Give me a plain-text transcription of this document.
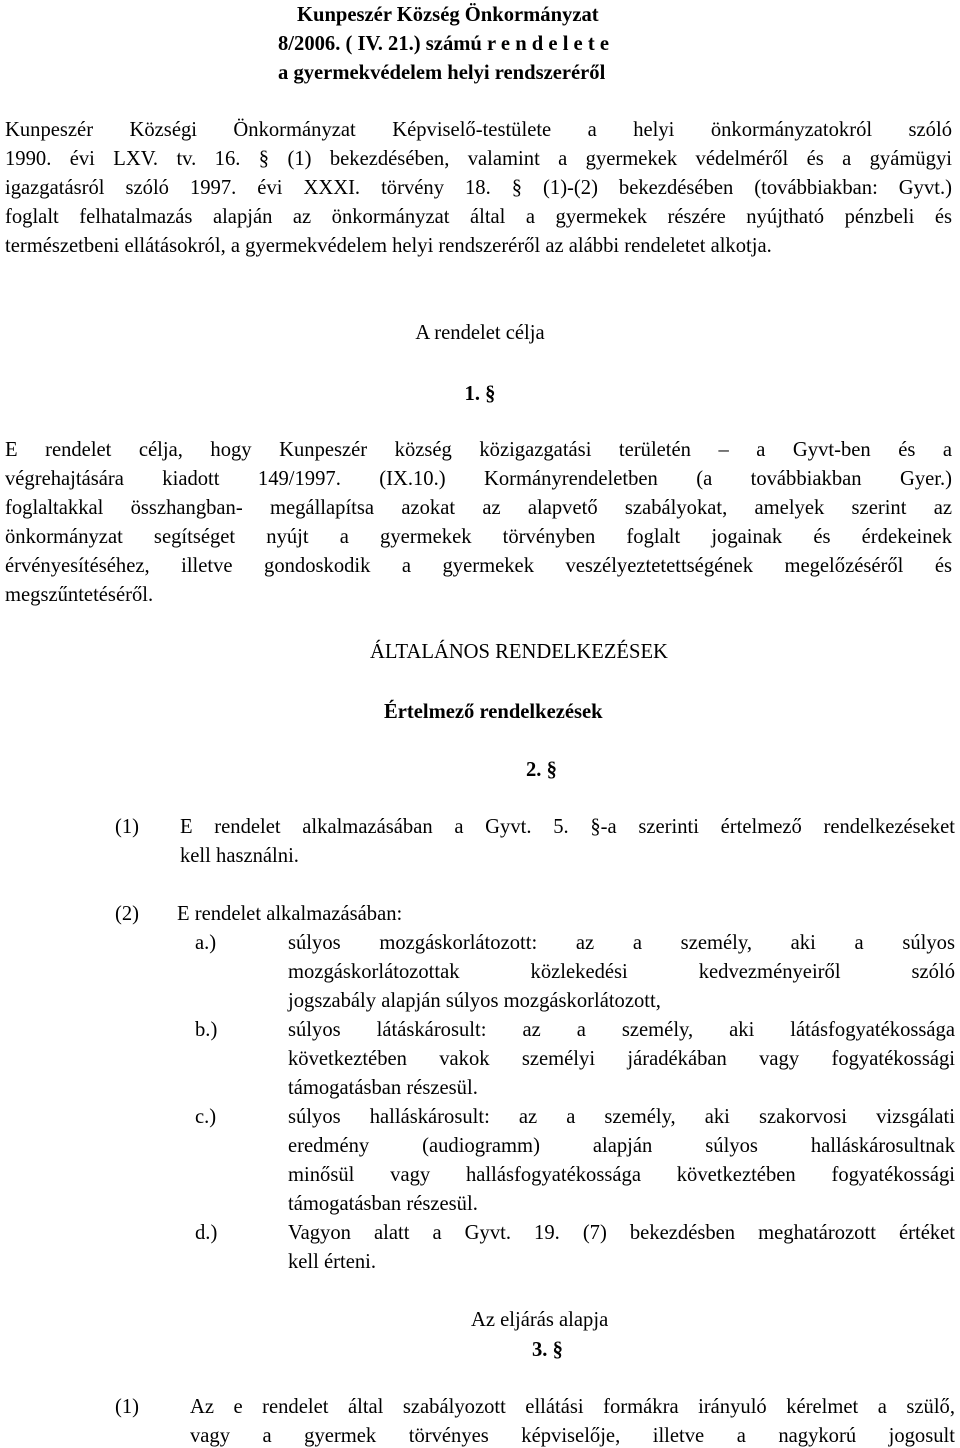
Kunpeszér Község Önkormányzat
8/2006. ( IV. 21.) számú r e n d e l e t e
a gyermekvédelem helyi rendszeréről
Kunpeszér Községi Önkormányzat Képviselő-testülete a helyi önkormányzatokról szóló
1990. évi LXV. tv. 16. § (1) bekezdésében, valamint a gyermekek védelméről és a gyámügyi
igazgatásról szóló 1997. évi XXXI. törvény 18. § (1)-(2) bekezdésében (továbbiakban: Gyvt.)
foglalt felhatalmazás alapján az önkormányzat által a gyermekek részére nyújtható pénzbeli és
természetbeni ellátásokról, a gyermekvédelem helyi rendszeréről az alábbi rendeletet alkotja.
A rendelet célja
1. §
E rendelet célja, hogy Kunpeszér község közigazgatási területén – a Gyvt-ben és a
végrehajtására kiadott 149/1997. (IX.10.) Kormányrendeletben (a továbbiakban Gyer.)
foglaltakkal összhangban- megállapítsa azokat az alapvető szabályokat, amelyek szerint az
önkormányzat segítséget nyújt a gyermekek törvényben foglalt jogainak és érdekeinek
érvényesítéséhez, illetve gondoskodik a gyermekek veszélyeztetettségének megelőzéséről és
megszűntetéséről.
ÁLTALÁNOS RENDELKEZÉSEK
Értelmező rendelkezések
2. §
(1) E rendelet alkalmazásában a Gyvt. 5. §-a szerinti értelmező rendelkezéseket
kell használni.
(2) E rendelet alkalmazásában:
a.)	súlyos mozgáskorlátozott: az a személy, aki a súlyos
mozgáskorlátozottak közlekedési kedvezményeiről szóló
jogszabály alapján súlyos mozgáskorlátozott,
b.)	súlyos látáskárosult: az a személy, aki látásfogyatékossága
következtében vakok személyi járadékában vagy fogyatékossági
támogatásban részesül.
c.)	súlyos halláskárosult: az a személy, aki szakorvosi vizsgálati
eredmény (audiogramm) alapján súlyos halláskárosultnak
minősül vagy hallásfogyatékossága következtében fogyatékossági
támogatásban részesül.
d.)	Vagyon alatt a Gyvt. 19. (7) bekezdésben meghatározott értéket
kell érteni.
Az eljárás alapja
3. §
(1) Az e rendelet által szabályozott ellátási formákra irányuló kérelmet a szülő,
vagy a gyermek törvényes képviselője, illetve a nagykorú jogosult
